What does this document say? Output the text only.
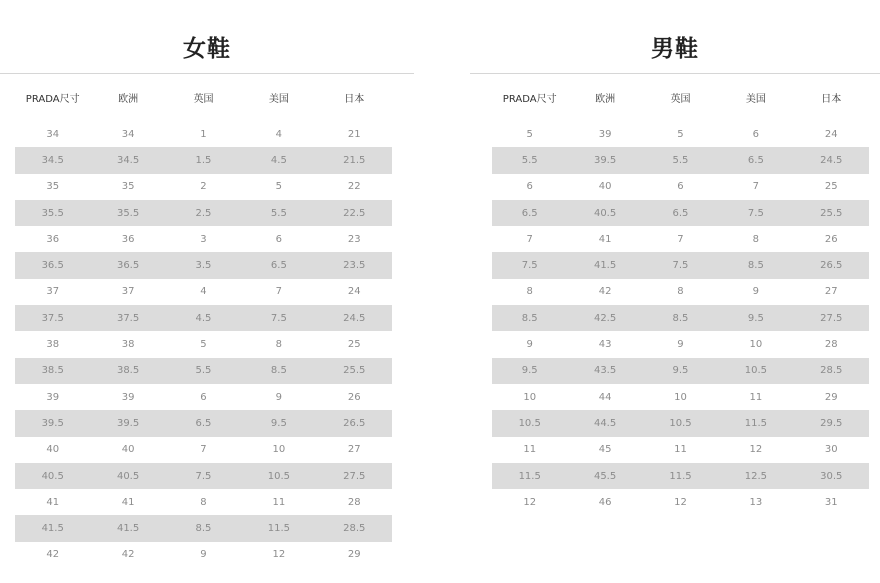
女鞋
PRADA尺寸	欧洲	英国	美国	日本

34	34	1	4	21
34.5	34.5	1.5	4.5	21.5
35	35	2	5	22
35.5	35.5	2.5	5.5	22.5
36	36	3	6	23
36.5	36.5	3.5	6.5	23.5
37	37	4	7	24
37.5	37.5	4.5	7.5	24.5
38	38	5	8	25
38.5	38.5	5.5	8.5	25.5
39	39	6	9	26
39.5	39.5	6.5	9.5	26.5
40	40	7	10	27
40.5	40.5	7.5	10.5	27.5
41	41	8	11	28
41.5	41.5	8.5	11.5	28.5
42	42	9	12	29
男鞋
PRADA尺寸	欧洲	英国	美国	日本

5	39	5	6	24
5.5	39.5	5.5	6.5	24.5
6	40	6	7	25
6.5	40.5	6.5	7.5	25.5
7	41	7	8	26
7.5	41.5	7.5	8.5	26.5
8	42	8	9	27
8.5	42.5	8.5	9.5	27.5
9	43	9	10	28
9.5	43.5	9.5	10.5	28.5
10	44	10	11	29
10.5	44.5	10.5	11.5	29.5
11	45	11	12	30
11.5	45.5	11.5	12.5	30.5
12	46	12	13	31
